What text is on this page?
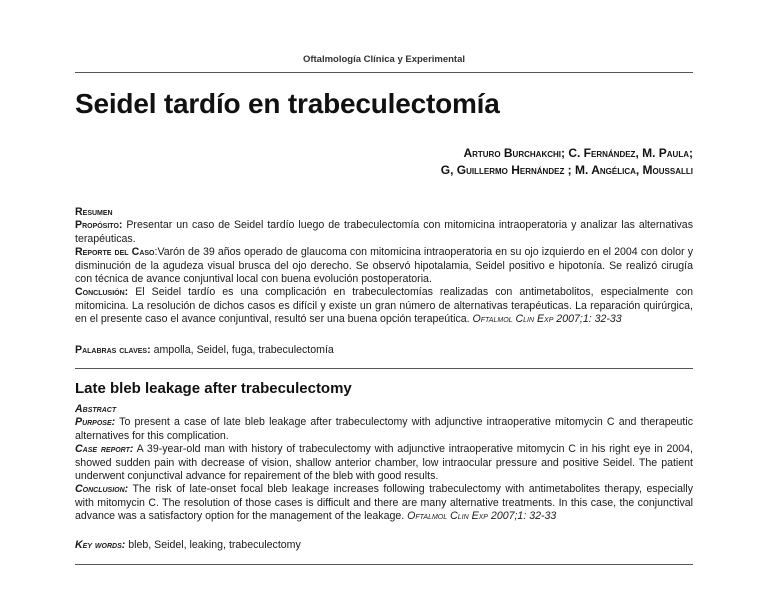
Oftalmología Clínica y Experimental
Seidel tardío en trabeculectomía
Arturo Burchakchi; C. Fernández, M. Paula;
G, Guillermo Hernández ; M. Angélica, Moussalli

Resumen

Propósito: Presentar un caso de Seidel tardío luego de trabeculectomía con mitomicina intraoperatoria y analizar las alternativas terapéuticas.

Reporte del Caso:Varón de 39 años operado de glaucoma con mitomicina intraoperatoria en su ojo izquierdo en el 2004 con dolor y disminución de la agudeza visual brusca del ojo derecho. Se observó hipotalamia, Seidel positivo e hipotonía. Se realizó cirugía con técnica de avance conjuntival local con buena evolución postoperatoria.

Conclusión: El Seidel tardío es una complicación en trabeculectomías realizadas con antimetabolitos, especialmente con mitomicina. La resolución de dichos casos es difícil y existe un gran número de alternativas terapéuticas. La reparación quirúrgica, en el presente caso el avance conjuntival, resultó ser una buena opción terapeútica. Oftalmol Clin Exp 2007;1: 32-33

Palabras claves: ampolla, Seidel, fuga, trabeculectomía

Late bleb leakage after trabeculectomy

Abstract

Purpose: To present a case of late bleb leakage after trabeculectomy with adjunctive intraoperative mitomycin C and therapeutic alternatives for this complication.

Case report: A 39-year-old man with history of trabeculectomy with adjunctive intraoperative mitomycin C in his right eye in 2004, showed sudden pain with decrease of vision, shallow anterior chamber, low intraocular pressure and positive Seidel. The patient underwent conjunctival advance for repairement of the bleb with good results.

Conclusion: The risk of late-onset focal bleb leakage increases following trabeculectomy with antimetabolites therapy, especially with mitomycin C. The resolution of those cases is difficult and there are many alternative treatments. In this case, the conjunctival advance was a satisfactory option for the management of the leakage. Oftalmol Clin Exp 2007;1: 32-33

Key words: bleb, Seidel, leaking, trabeculectomy
